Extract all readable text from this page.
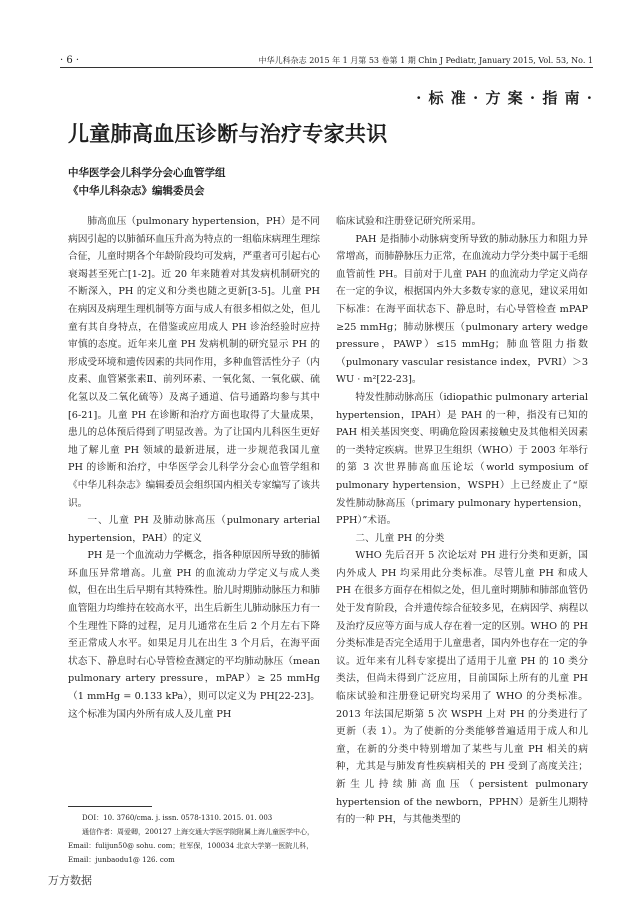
· 6 ·	中华儿科杂志 2015 年 1 月第 53 卷第 1 期 Chin J Pediatr, January 2015, Vol. 53, No. 1
· 标 准 · 方 案 · 指 南 ·
儿童肺高血压诊断与治疗专家共识
中华医学会儿科学分会心血管学组
《中华儿科杂志》编辑委员会

肺高血压（pulmonary hypertension，PH）是不同病因引起的以肺循环血压升高为特点的一组临床病理生理综合征，儿童时期各个年龄阶段均可发病，严重者可引起右心衰竭甚至死亡[1-2]。近 20 年来随着对其发病机制研究的不断深入，PH 的定义和分类也随之更新[3-5]。儿童 PH 在病因及病理生理机制等方面与成人有很多相似之处，但儿童有其自身特点，在借鉴或应用成人 PH 诊治经验时应持审慎的态度。近年来儿童 PH 发病机制的研究显示 PH 的形成受环境和遗传因素的共同作用，多种血管活性分子（内皮素、血管紧张素Ⅱ、前列环素、一氧化氮、一氧化碳、硫化氢以及二氧化硫等）及离子通道、信号通路均参与其中[6-21]。儿童 PH 在诊断和治疗方面也取得了大量成果，患儿的总体预后得到了明显改善。为了让国内儿科医生更好地了解儿童 PH 领域的最新进展，进一步规范我国儿童 PH 的诊断和治疗，中华医学会儿科学分会心血管学组和《中华儿科杂志》编辑委员会组织国内相关专家编写了该共识。

一、儿童 PH 及肺动脉高压（pulmonary arterial hypertension，PAH）的定义

PH 是一个血流动力学概念，指各种原因所导致的肺循环血压异常增高。儿童 PH 的血流动力学定义与成人类似，但在出生后早期有其特殊性。胎儿时期肺动脉压力和肺血管阻力均维持在较高水平，出生后新生儿肺动脉压力有一个生理性下降的过程，足月儿通常在生后 2 个月左右下降至正常成人水平。如果足月儿在出生 3 个月后，在海平面状态下、静息时右心导管检查测定的平均肺动脉压（mean pulmonary artery pressure，mPAP）≥ 25 mmHg（1 mmHg = 0.133 kPa），则可以定义为 PH[22-23]。这个标准为国内外所有成人及儿童 PH

临床试验和注册登记研究所采用。

PAH 是指肺小动脉病变所导致的肺动脉压力和阻力异常增高，而肺静脉压力正常，在血流动力学分类中属于毛细血管前性 PH。目前对于儿童 PAH 的血流动力学定义尚存在一定的争议，根据国内外大多数专家的意见，建议采用如下标准：在海平面状态下、静息时，右心导管检查 mPAP ≥25 mmHg；肺动脉楔压（pulmonary artery wedge pressure，PAWP）≤15 mmHg；肺血管阻力指数（pulmonary vascular resistance index，PVRI）＞3 WU · m²[22-23]。

特发性肺动脉高压（idiopathic pulmonary arterial hypertension，IPAH）是 PAH 的一种，指没有已知的 PAH 相关基因突变、明确危险因素接触史及其他相关因素的一类特定疾病。世界卫生组织（WHO）于 2003 年举行的第 3 次世界肺高血压论坛（world symposium of pulmonary hypertension，WSPH）上已经废止了“原发性肺动脉高压（primary pulmonary hypertension，PPH）”术语。

二、儿童 PH 的分类

WHO 先后召开 5 次论坛对 PH 进行分类和更新，国内外成人 PH 均采用此分类标准。尽管儿童 PH 和成人 PH 在很多方面存在相似之处，但儿童时期肺和肺部血管仍处于发育阶段，合并遗传综合征较多见，在病因学、病程以及治疗反应等方面与成人存在着一定的区别。WHO 的 PH 分类标准是否完全适用于儿童患者，国内外也存在一定的争议。近年来有儿科专家提出了适用于儿童 PH 的 10 类分类法，但尚未得到广泛应用，目前国际上所有的儿童 PH 临床试验和注册登记研究均采用了 WHO 的分类标准。2013 年法国尼斯第 5 次 WSPH 上对 PH 的分类进行了更新（表 1）。为了使新的分类能够普遍适用于成人和儿童，在新的分类中特别增加了某些与儿童 PH 相关的病种，尤其是与肺发育性疾病相关的 PH 受到了高度关注；新生儿持续肺高血压（persistent pulmonary hypertension of the newborn，PPHN）是新生儿期特有的一种 PH，与其他类型的

DOI：10. 3760/cma. j. issn. 0578-1310. 2015. 01. 003

通信作者：周爱卿，200127 上海交通大学医学院附属上海儿童医学中心，Email：fulijun50@ sohu. com；杜军保，100034 北京大学第一医院儿科，Email：junbaodu1@ 126. com

万方数据
